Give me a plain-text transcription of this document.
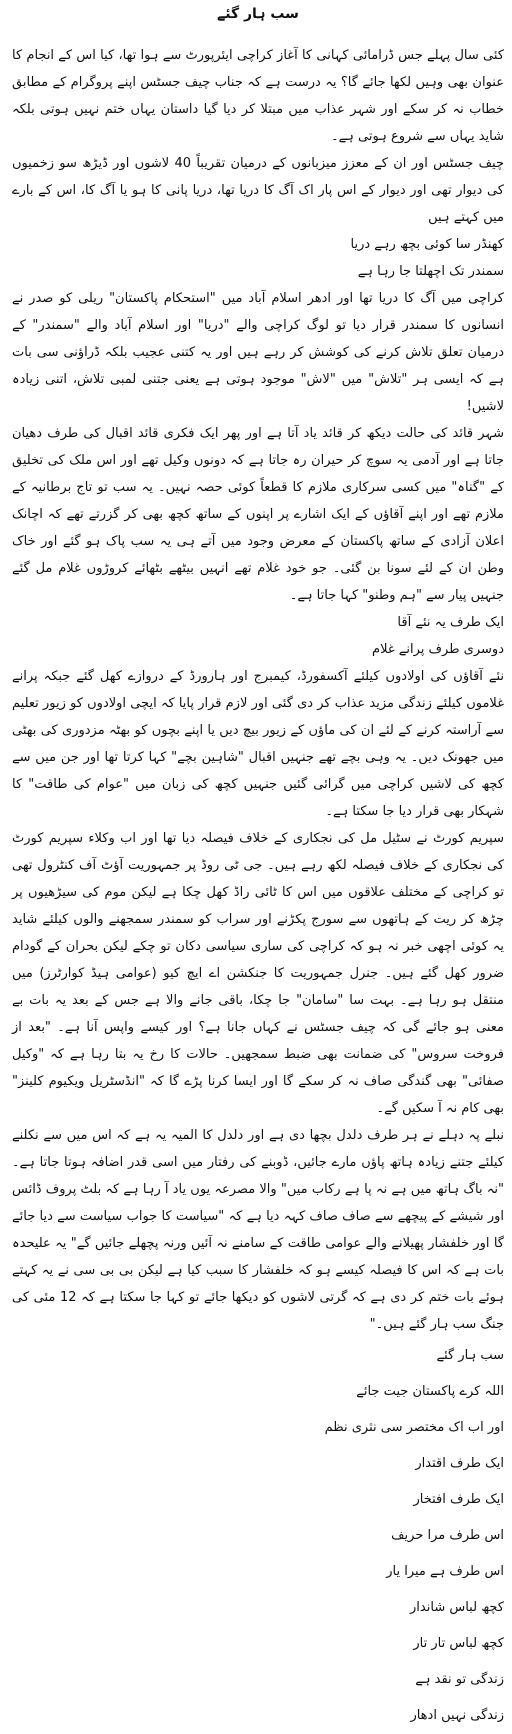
سب ہار گئے

کئی سال پہلے جس ڈرامائی کہانی کا آغاز کراچی ایئرپورٹ سے ہوا تھا، کیا اس کے انجام کا عنوان بھی وہیں لکھا جائے گا؟ یہ درست ہے کہ جناب چیف جسٹس اپنے پروگرام کے مطابق خطاب نہ کر سکے اور شہر عذاب میں مبتلا کر دیا گیا داستان یہاں ختم نہیں ہوتی بلکہ شاید یہاں سے شروع ہوتی ہے۔

چیف جسٹس اور ان کے معزز میزبانوں کے درمیان تقریباً 40 لاشوں اور ڈیڑھ سو زخمیوں کی دیوار تھی اور دیوار کے اس پار اک آگ کا دریا تھا، دریا پانی کا ہو یا آگ کا، اس کے بارے میں کہتے ہیں

کھنڈر سا کوئی بچھ رہے دریا

سمندر تک اچھلتا جا رہا ہے

کراچی میں آگ کا دریا تھا اور ادھر اسلام آباد میں "استحکام پاکستان" ریلی کو صدر نے انسانوں کا سمندر قرار دیا تو لوگ کراچی والے "دریا" اور اسلام آباد والے "سمندر" کے درمیان تعلق تلاش کرنے کی کوشش کر رہے ہیں اور یہ کتنی عجیب بلکہ ڈراؤنی سی بات ہے کہ ایسی ہر "تلاش" میں "لاش" موجود ہوتی ہے یعنی جتنی لمبی تلاش، اتنی زیادہ لاشیں!

شہر قائد کی حالت دیکھ کر قائد یاد آتا ہے اور پھر ایک فکری قائد اقبال کی طرف دھیان جاتا ہے اور آدمی یہ سوچ کر حیران رہ جاتا ہے کہ دونوں وکیل تھے اور اس ملک کی تخلیق کے "گناہ" میں کسی سرکاری ملازم کا قطعاً کوئی حصہ نہیں۔ یہ سب تو تاج برطانیہ کے ملازم تھے اور اپنے آقاؤں کے ایک اشارے پر اپنوں کے ساتھ کچھ بھی کر گزرتے تھے کہ اچانک اعلان آزادی کے ساتھ پاکستان کے معرض وجود میں آتے ہی یہ سب پاک ہو گئے اور خاک وطن ان کے لئے سونا بن گئی۔ جو خود غلام تھے انہیں بیٹھے بٹھائے کروڑوں غلام مل گئے جنہیں پیار سے "ہم وطنو" کہا جاتا ہے۔

ایک طرف یہ نئے آقا

دوسری طرف پرانے غلام

نئے آقاؤں کی اولادوں کیلئے آکسفورڈ، کیمبرج اور ہارورڈ کے دروازے کھل گئے جبکہ پرانے غلاموں کیلئے زندگی مزید عذاب کر دی گئی اور لازم قرار پایا کہ ایچی اولادوں کو زیور تعلیم سے آراستہ کرنے کے لئے ان کی ماؤں کے زیور بیچ دیں یا اپنے بچوں کو بھٹہ مزدوری کی بھٹی میں جھونک دیں۔ یہ وہی بچے تھے جنہیں اقبال "شاہین بچے" کہا کرتا تھا اور جن میں سے کچھ کی لاشیں کراچی میں گرائی گئیں جنہیں کچھ کی زبان میں "عوام کی طاقت" کا شہکار بھی قرار دیا جا سکتا ہے۔

سپریم کورٹ نے سٹیل مل کی نجکاری کے خلاف فیصلہ دیا تھا اور اب وکلاء سپریم کورٹ کی نجکاری کے خلاف فیصلہ لکھ رہے ہیں۔ جی ٹی روڈ پر جمہوریت آؤٹ آف کنٹرول تھی تو کراچی کے مختلف علاقوں میں اس کا ٹائی راڈ کھل چکا ہے لیکن موم کی سیڑھیوں پر چڑھ کر ریت کے ہاتھوں سے سورج پکڑنے اور سراب کو سمندر سمجھنے والوں کیلئے شاید یہ کوئی اچھی خبر نہ ہو کہ کراچی کی ساری سیاسی دکان تو چکے لیکن بحران کے گودام ضرور کھل گئے ہیں۔ جنرل جمہوریت کا جنکشن اے ایچ کیو (عوامی ہیڈ کوارٹرز) میں منتقل ہو رہا ہے۔ بہت سا "سامان" جا چکا، باقی جانے والا ہے جس کے بعد یہ بات بے معنی ہو جائے گی کہ چیف جسٹس نے کہاں جانا ہے؟ اور کیسے واپس آنا ہے۔ "بعد از فروخت سروس" کی ضمانت بھی ضبط سمجھیں۔ حالات کا رخ یہ بتا رہا ہے کہ "وکیل صفائی" بھی گندگی صاف نہ کر سکے گا اور ایسا کرنا پڑے گا کہ "انڈسٹریل ویکیوم کلینز" بھی کام نہ آ سکیں گے۔

نبلے پہ دہلے نے ہر طرف دلدل بچھا دی ہے اور دلدل کا المیہ یہ ہے کہ اس میں سے نکلنے کیلئے جتنے زیادہ ہاتھ پاؤں مارے جائیں، ڈوبنے کی رفتار میں اسی قدر اضافہ ہوتا جاتا ہے۔ "نہ باگ ہاتھ میں ہے نہ پا ہے رکاب میں" والا مصرعہ یوں یاد آ رہا ہے کہ بلٹ پروف ڈائس اور شیشے کے پیچھے سے صاف صاف کہہ دیا ہے کہ "سیاست کا جواب سیاست سے دیا جائے گا اور خلفشار پھیلانے والے عوامی طاقت کے سامنے نہ آئیں ورنہ پچھلے جائیں گے" یہ علیحدہ بات ہے کہ اس کا فیصلہ کیسے ہو کہ خلفشار کا سبب کیا ہے لیکن بی بی سی نے یہ کہتے ہوئے بات ختم کر دی ہے کہ گرتی لاشوں کو دیکھا جائے تو کہا جا سکتا ہے کہ 12 مئی کی جنگ سب ہار گئے ہیں۔"

سب ہار گئے

اللہ کرے پاکستان جیت جائے

اور اب اک مختصر سی نثری نظم

ایک طرف اقتدار

ایک طرف افتخار

اس طرف مرا حریف

اس طرف ہے میرا یار

کچھ لباس شاندار

کچھ لباس تار تار

زندگی تو نقد ہے

زندگی نہیں ادھار
